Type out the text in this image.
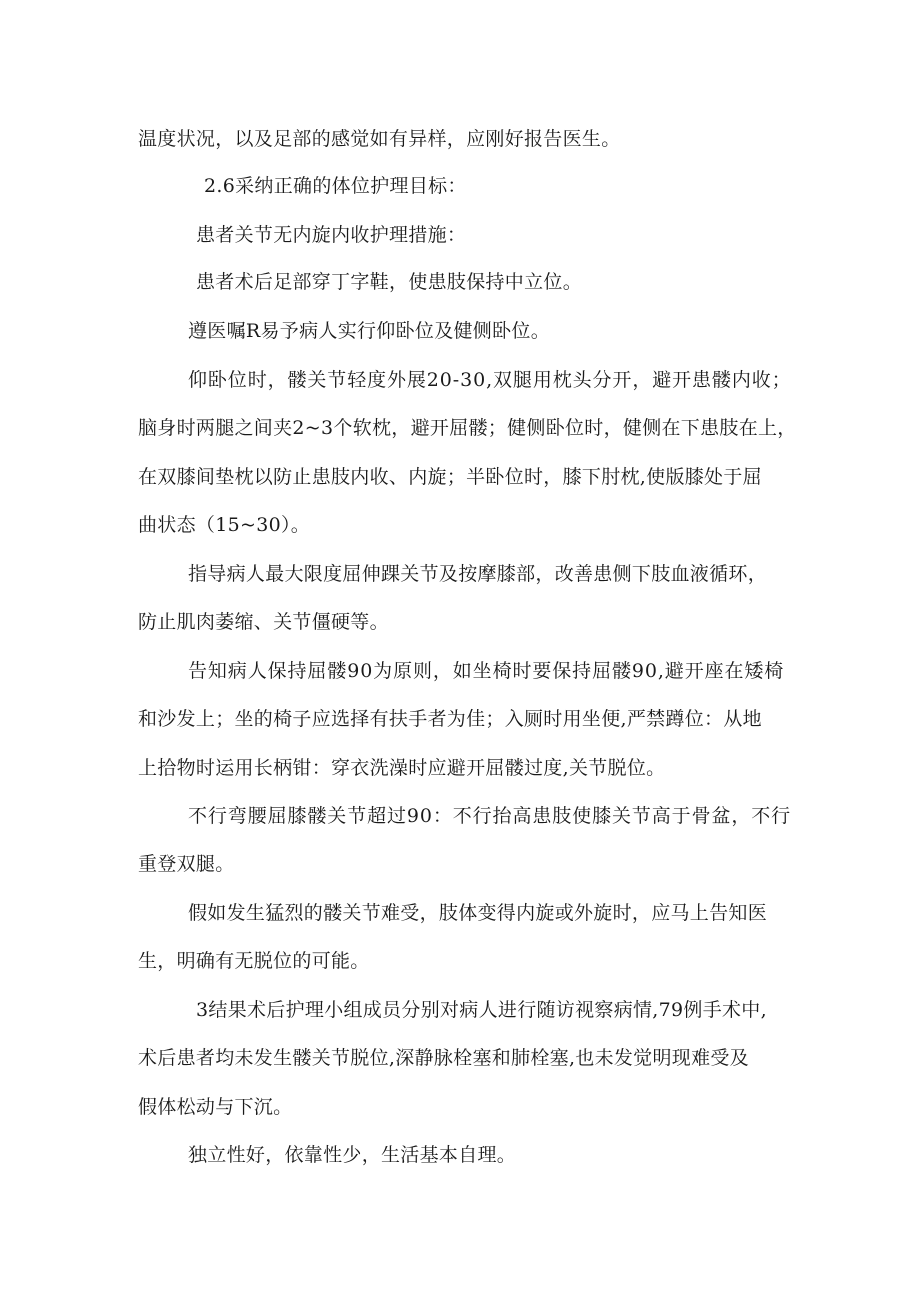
温度状况，以及足部的感觉如有异样，应刚好报告医生。
2.6采纳正确的体位护理目标：
患者关节无内旋内收护理措施：
患者术后足部穿丁字鞋，使患肢保持中立位。
遵医嘱R易予病人实行仰卧位及健侧卧位。
仰卧位时，髅关节轻度外展20-30,双腿用枕头分开，避开患髅内收；
脑身时两腿之间夹2~3个软枕，避开屈髅；健侧卧位时，健侧在下患肢在上，
在双膝间垫枕以防止患肢内收、内旋；半卧位时，膝下肘枕,使版膝处于屈
曲状态（15~30）。
指导病人最大限度屈伸踝关节及按摩膝部，改善患侧下肢血液循环，
防止肌肉萎缩、关节僵硬等。
告知病人保持屈髅90为原则，如坐椅时要保持屈髅90,避开座在矮椅
和沙发上；坐的椅子应选择有扶手者为佳；入厕时用坐便,严禁蹲位：从地
上拾物时运用长柄钳：穿衣洗澡时应避开屈髅过度,关节脱位。
不行弯腰屈膝髅关节超过90：不行抬高患肢使膝关节高于骨盆，不行
重登双腿。
假如发生猛烈的髅关节难受，肢体变得内旋或外旋时，应马上告知医
生，明确有无脱位的可能。
3结果术后护理小组成员分别对病人进行随访视察病情,79例手术中,
术后患者均未发生髅关节脱位,深静脉栓塞和肺栓塞,也未发觉明现难受及
假体松动与下沉。
独立性好，依靠性少，生活基本自理。
